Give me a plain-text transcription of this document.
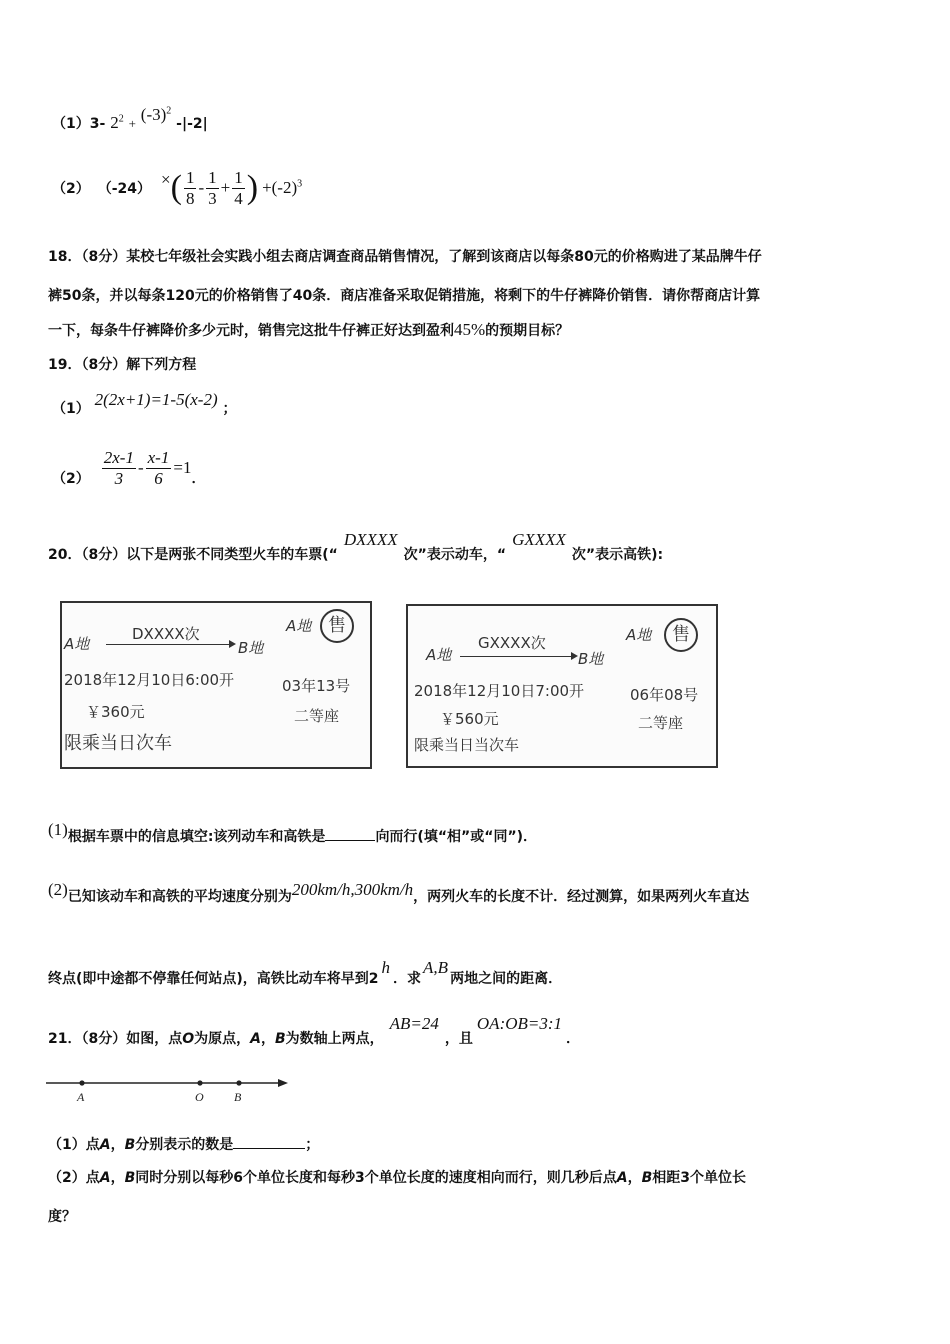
（1）3- $2^2 + (-3)^2$ -|-2|
（2） （-24） × ( $\frac{1}{8} - \frac{1}{3} + \frac{1}{4}$ ) $+(-2)^3$
18．（8分）某校七年级社会实践小组去商店调查商品销售情况，了解到该商店以每条80元的价格购进了某品牌牛仔
裤50条，并以每条120元的价格销售了40条．商店准备采取促销措施，将剩下的牛仔裤降价销售．请你帮商店计算
一下，每条牛仔裤降价多少元时，销售完这批牛仔裤正好达到盈利45%的预期目标？
19．（8分）解下列方程
（1） 2(2x+1)=1-5(x-2) ；
$(2) \frac{2x-1}{3} - \frac{x-1}{6} =1$
．
20．（8分）以下是两张不同类型火车的车票(“DXXXX次”表示动车，“GXXXX次”表示高铁):
A地
DXXXX次
B地
A地 售
2018年12月10日6:00开	03年13号
￥360元	二等座
限乘当日次车
A地
GXXXX次
B地
A地	售
2018年12月10日7:00开	06年08号
￥560元	二等座
限乘当日当次车
(1)根据车票中的信息填空:该列动车和高铁是	向而行(填“相”或“同”)．
(2)已知该动车和高铁的平均速度分别为200km/h,300km/h，两列火车的长度不计．经过测算，如果两列火车直达
终点(即中途都不停靠任何站点)，高铁比动车将早到2h．求A,B两地之间的距离．
21．（8分）如图，点O为原点，A，B为数轴上两点，AB=24，且OA:OB=3:1．
A	O	B
（1）点A，B分别表示的数是	；
（2）点A，B同时分别以每秒6个单位长度和每秒3个单位长度的速度相向而行，则几秒后点A，B相距3个单位长
度？
